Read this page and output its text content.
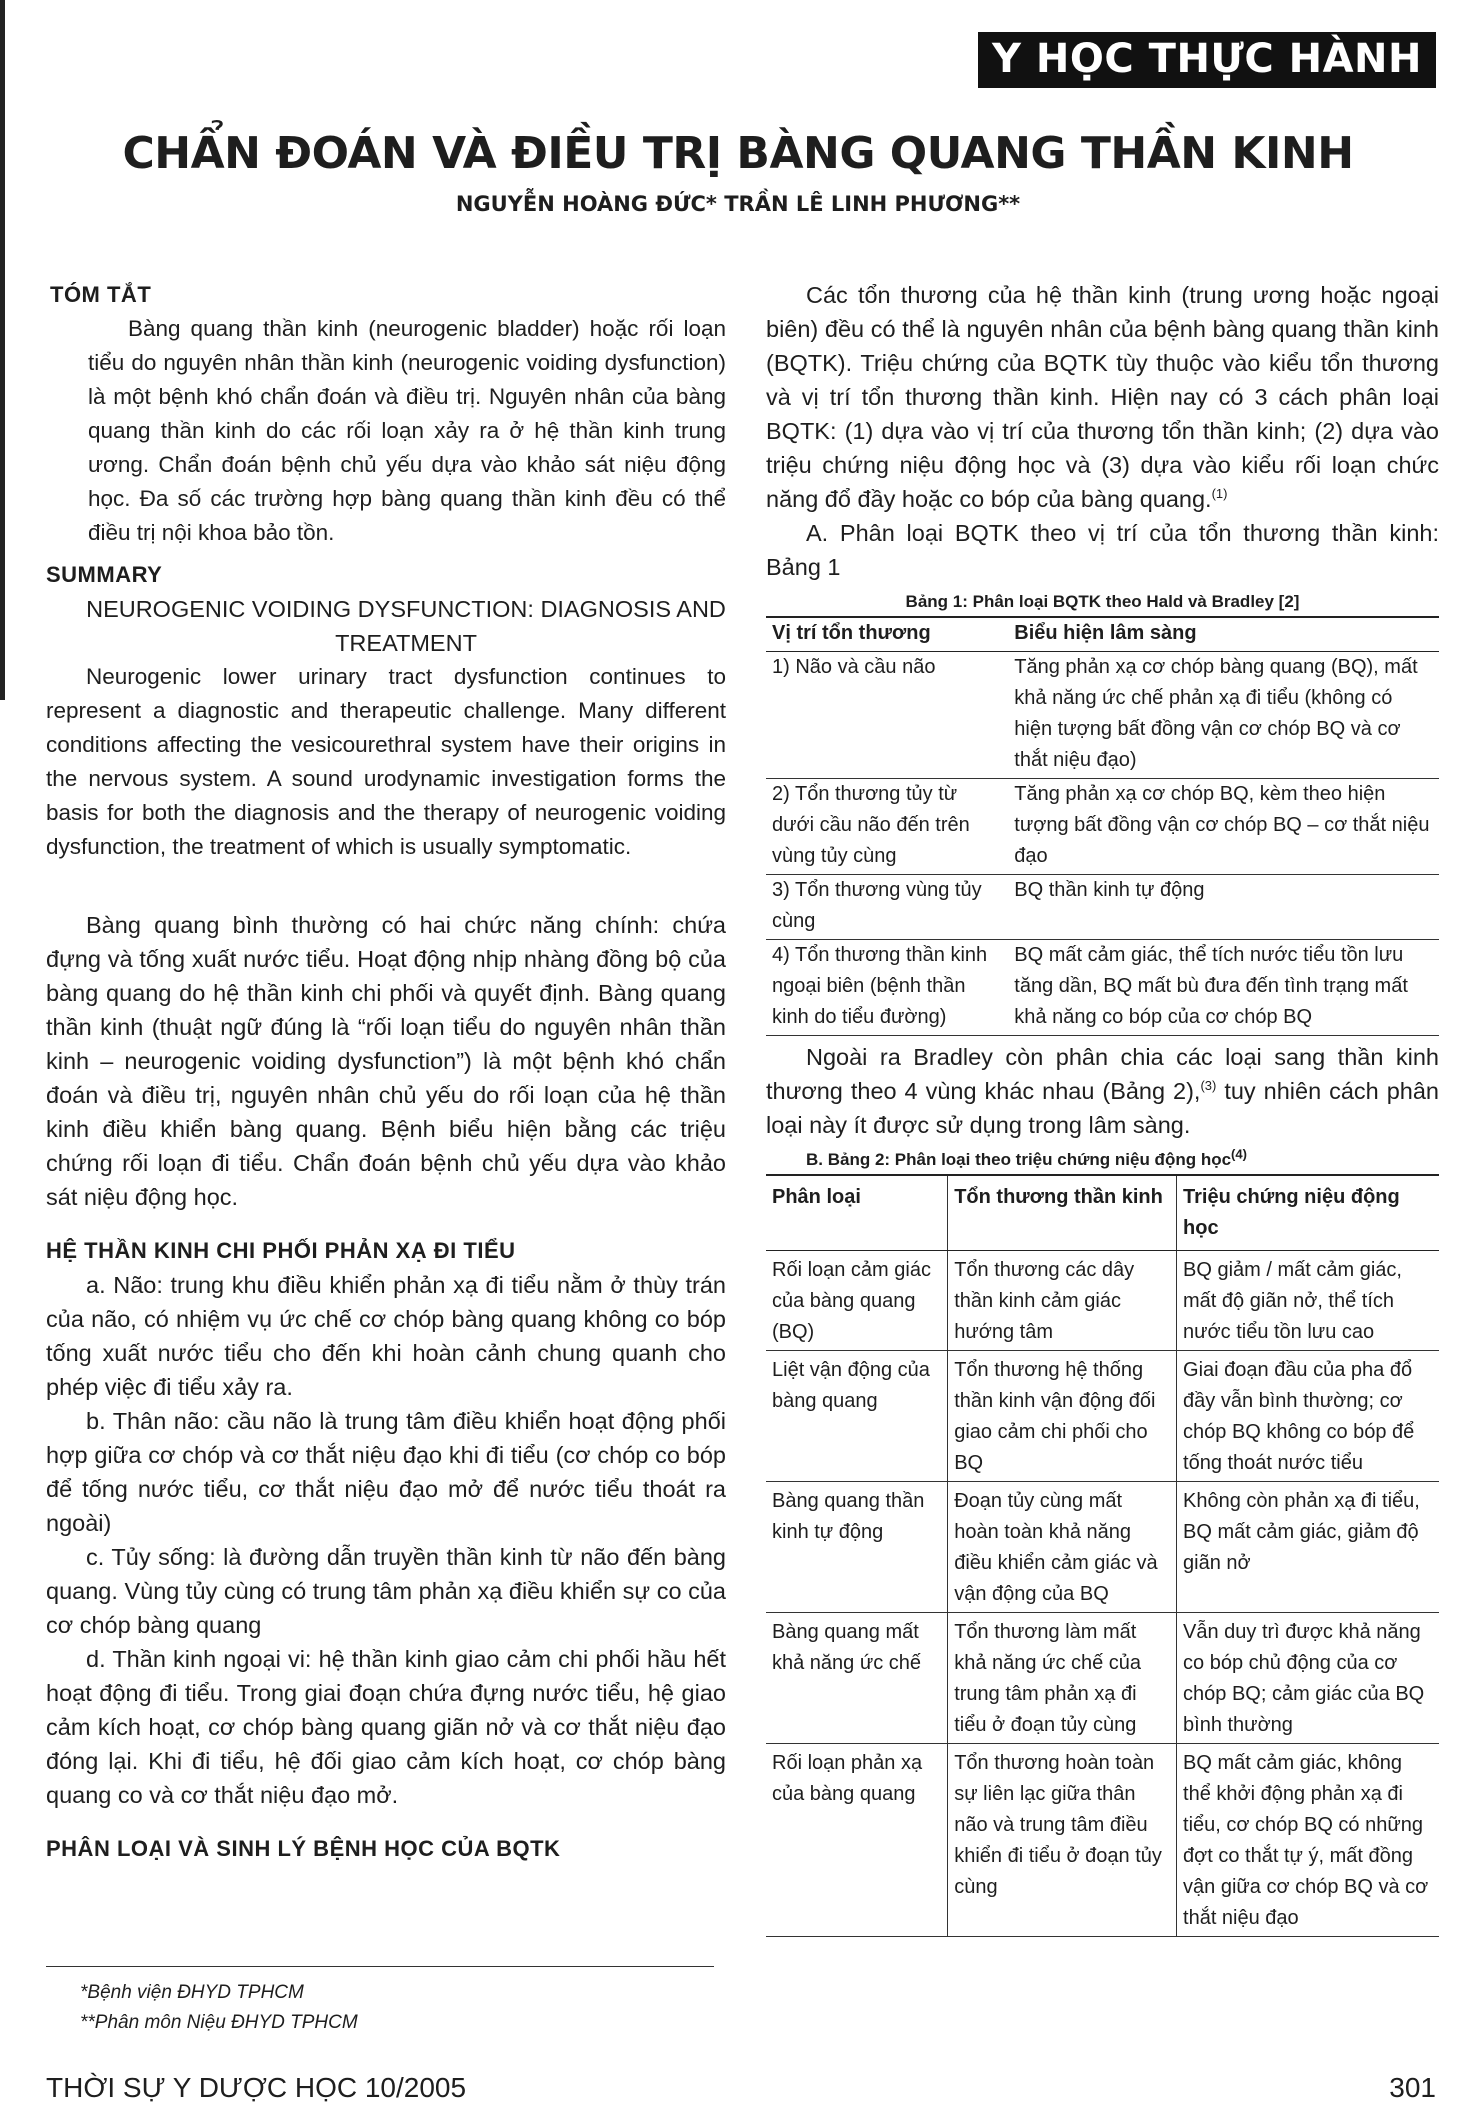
Y HỌC THỰC HÀNH
CHẨN ĐOÁN VÀ ĐIỀU TRỊ BÀNG QUANG THẦN KINH
NGUYỄN HOÀNG ĐỨC* TRẦN LÊ LINH PHƯƠNG**
TÓM TẮT

Bàng quang thần kinh (neurogenic bladder) hoặc rối loạn tiểu do nguyên nhân thần kinh (neurogenic voiding dysfunction) là một bệnh khó chẩn đoán và điều trị. Nguyên nhân của bàng quang thần kinh do các rối loạn xảy ra ở hệ thần kinh trung ương. Chẩn đoán bệnh chủ yếu dựa vào khảo sát niệu động học. Đa số các trường hợp bàng quang thần kinh đều có thể điều trị nội khoa bảo tồn.

SUMMARY

NEUROGENIC VOIDING DYSFUNCTION: DIAGNOSIS AND TREATMENT

Neurogenic lower urinary tract dysfunction continues to represent a diagnostic and therapeutic challenge. Many different conditions affecting the vesicourethral system have their origins in the nervous system. A sound urodynamic investigation forms the basis for both the diagnosis and the therapy of neurogenic voiding dysfunction, the treatment of which is usually symptomatic.

Bàng quang bình thường có hai chức năng chính: chứa đựng và tống xuất nước tiểu. Hoạt động nhịp nhàng đồng bộ của bàng quang do hệ thần kinh chi phối và quyết định. Bàng quang thần kinh (thuật ngữ đúng là “rối loạn tiểu do nguyên nhân thần kinh – neurogenic voiding dysfunction”) là một bệnh khó chẩn đoán và điều trị, nguyên nhân chủ yếu do rối loạn của hệ thần kinh điều khiển bàng quang. Bệnh biểu hiện bằng các triệu chứng rối loạn đi tiểu. Chẩn đoán bệnh chủ yếu dựa vào khảo sát niệu động học.

HỆ THẦN KINH CHI PHỐI PHẢN XẠ ĐI TIỂU

a. Não: trung khu điều khiển phản xạ đi tiểu nằm ở thùy trán của não, có nhiệm vụ ức chế cơ chóp bàng quang không co bóp tống xuất nước tiểu cho đến khi hoàn cảnh chung quanh cho phép việc đi tiểu xảy ra.

b. Thân não: cầu não là trung tâm điều khiển hoạt động phối hợp giữa cơ chóp và cơ thắt niệu đạo khi đi tiểu (cơ chóp co bóp để tống nước tiểu, cơ thắt niệu đạo mở để nước tiểu thoát ra ngoài)

c. Tủy sống: là đường dẫn truyền thần kinh từ não đến bàng quang. Vùng tủy cùng có trung tâm phản xạ điều khiển sự co của cơ chóp bàng quang

d. Thần kinh ngoại vi: hệ thần kinh giao cảm chi phối hầu hết hoạt động đi tiểu. Trong giai đoạn chứa đựng nước tiểu, hệ giao cảm kích hoạt, cơ chóp bàng quang giãn nở và cơ thắt niệu đạo đóng lại. Khi đi tiểu, hệ đối giao cảm kích hoạt, cơ chóp bàng quang co và cơ thắt niệu đạo mở.

PHÂN LOẠI VÀ SINH LÝ BỆNH HỌC CỦA BQTK
*Bệnh viện ĐHYD TPHCM
**Phân môn Niệu ĐHYD TPHCM

Các tổn thương của hệ thần kinh (trung ương hoặc ngoại biên) đều có thể là nguyên nhân của bệnh bàng quang thần kinh (BQTK). Triệu chứng của BQTK tùy thuộc vào kiểu tổn thương và vị trí tổn thương thần kinh. Hiện nay có 3 cách phân loại BQTK: (1) dựa vào vị trí của thương tổn thần kinh; (2) dựa vào triệu chứng niệu động học và (3) dựa vào kiểu rối loạn chức năng đổ đầy hoặc co bóp của bàng quang.$^{(1)}$

A. Phân loại BQTK theo vị trí của tổn thương thần kinh: Bảng 1

Bảng 1: Phân loại BQTK theo Hald và Bradley [2]
Vị trí tổn thương	Biểu hiện lâm sàng
1) Não và cầu não	Tăng phản xạ cơ chóp bàng quang (BQ), mất khả năng ức chế phản xạ đi tiểu (không có hiện tượng bất đồng vận cơ chóp BQ và cơ thắt niệu đạo)
2) Tổn thương tủy từ dưới cầu não đến trên vùng tủy cùng	Tăng phản xạ cơ chóp BQ, kèm theo hiện tượng bất đồng vận cơ chóp BQ – cơ thắt niệu đạo
3) Tổn thương vùng tủy cùng	BQ thần kinh tự động
4) Tổn thương thần kinh ngoại biên (bệnh thần kinh do tiểu đường)	BQ mất cảm giác, thể tích nước tiểu tồn lưu tăng dần, BQ mất bù đưa đến tình trạng mất khả năng co bóp của cơ chóp BQ

Ngoài ra Bradley còn phân chia các loại sang thần kinh thương theo 4 vùng khác nhau (Bảng 2),$^{(3)}$ tuy nhiên cách phân loại này ít được sử dụng trong lâm sàng.

B. Bảng 2: Phân loại theo triệu chứng niệu động học$^{(4)}$
Phân loại	Tổn thương thần kinh	Triệu chứng niệu động học
Rối loạn cảm giác của bàng quang (BQ)	Tổn thương các dây thần kinh cảm giác hướng tâm	BQ giảm / mất cảm giác, mất độ giãn nở, thể tích nước tiểu tồn lưu cao
Liệt vận động của bàng quang	Tổn thương hệ thống thần kinh vận động đối giao cảm chi phối cho BQ	Giai đoạn đầu của pha đổ đầy vẫn bình thường; cơ chóp BQ không co bóp để tống thoát nước tiểu
Bàng quang thần kinh tự động	Đoạn tủy cùng mất hoàn toàn khả năng điều khiển cảm giác và vận động của BQ	Không còn phản xạ đi tiểu, BQ mất cảm giác, giảm độ giãn nở
Bàng quang mất khả năng ức chế	Tổn thương làm mất khả năng ức chế của trung tâm phản xạ đi tiểu ở đoạn tủy cùng	Vẫn duy trì được khả năng co bóp chủ động của cơ chóp BQ; cảm giác của BQ bình thường
Rối loạn phản xạ của bàng quang	Tổn thương hoàn toàn sự liên lạc giữa thân não và trung tâm điều khiển đi tiểu ở đoạn tủy cùng	BQ mất cảm giác, không thể khởi động phản xạ đi tiểu, cơ chóp BQ có những đợt co thắt tự ý, mất đồng vận giữa cơ chóp BQ và cơ thắt niệu đạo
THỜI SỰ Y DƯỢC HỌC 10/2005	301
